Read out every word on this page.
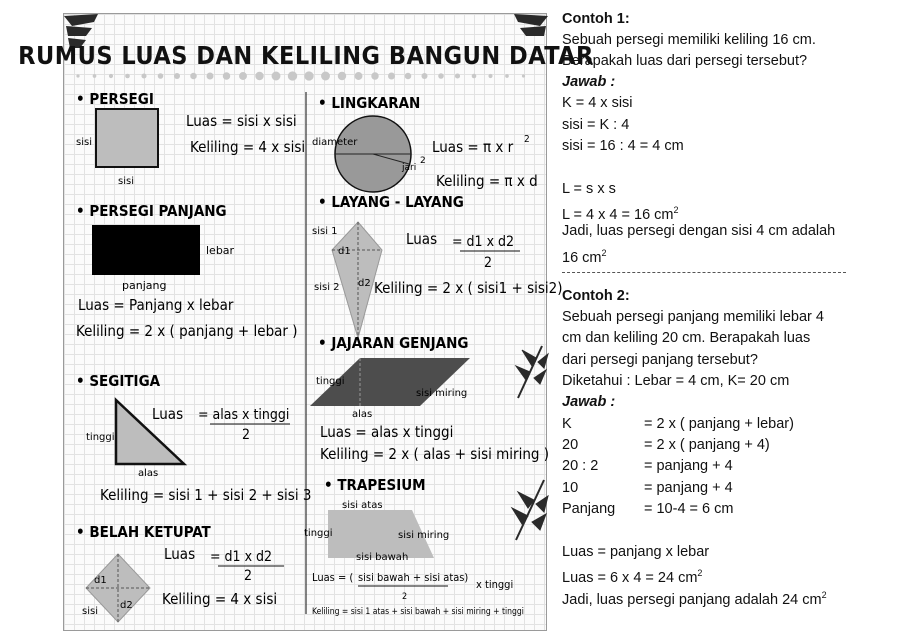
RUMUS LUAS DAN KELILING BANGUN DATAR
• PERSEGI
sisi
sisi
Luas = sisi x sisi
Keliling = 4 x sisi
• PERSEGI PANJANG
lebar
panjang
Luas = Panjang x lebar
Keliling = 2 x ( panjang + lebar )
• SEGITIGA
tinggi
alas
Luas = alas x tinggi
2
Keliling = sisi 1 + sisi 2 + sisi 3
• BELAH KETUPAT
d1
d2
sisi
Luas = d1 x d2
2
Keliling = 4 x sisi
• LINGKARAN
diameter
jari
2
Luas = π x r 2
Keliling = π x d
• LAYANG - LAYANG
sisi 1
sisi 2
d1
d2
Luas = d1 x d2
2
Keliling = 2 x ( sisi1 + sisi2)
• JAJARAN GENJANG
tinggi
sisi miring
alas
Luas = alas x tinggi
Keliling = 2 x ( alas + sisi miring )
• TRAPESIUM
sisi atas
tinggi	sisi miring
sisi bawah
Luas = ( sisi bawah + sisi atas)
2
x tinggi
Keliling = sisi 1 atas + sisi bawah + sisi miring + tinggi
Contoh 1:
Sebuah persegi memiliki keliling 16 cm.
Berapakah luas dari persegi tersebut?
Jawab :
K = 4 x sisi
sisi = K : 4
sisi = 16 : 4 = 4 cm
L = s x s
L = 4 x 4 = 16 $cm^2$
Jadi, luas persegi dengan sisi 4 cm adalah
16 $cm^2$
Contoh 2:
Sebuah persegi panjang memiliki lebar 4
cm dan keliling 20 cm. Berapakah luas
dari persegi panjang tersebut?
Diketahui : Lebar = 4 cm, K= 20 cm
Jawab :
K	= 2 x ( panjang + lebar)
20	= 2 x ( panjang + 4)
20 : 2	= panjang + 4
10	= panjang + 4
Panjang = 10-4 = 6 cm
Luas = panjang x lebar
Luas = 6 x 4 = 24 $cm^2$
Jadi, luas persegi panjang adalah 24 $cm^2$
